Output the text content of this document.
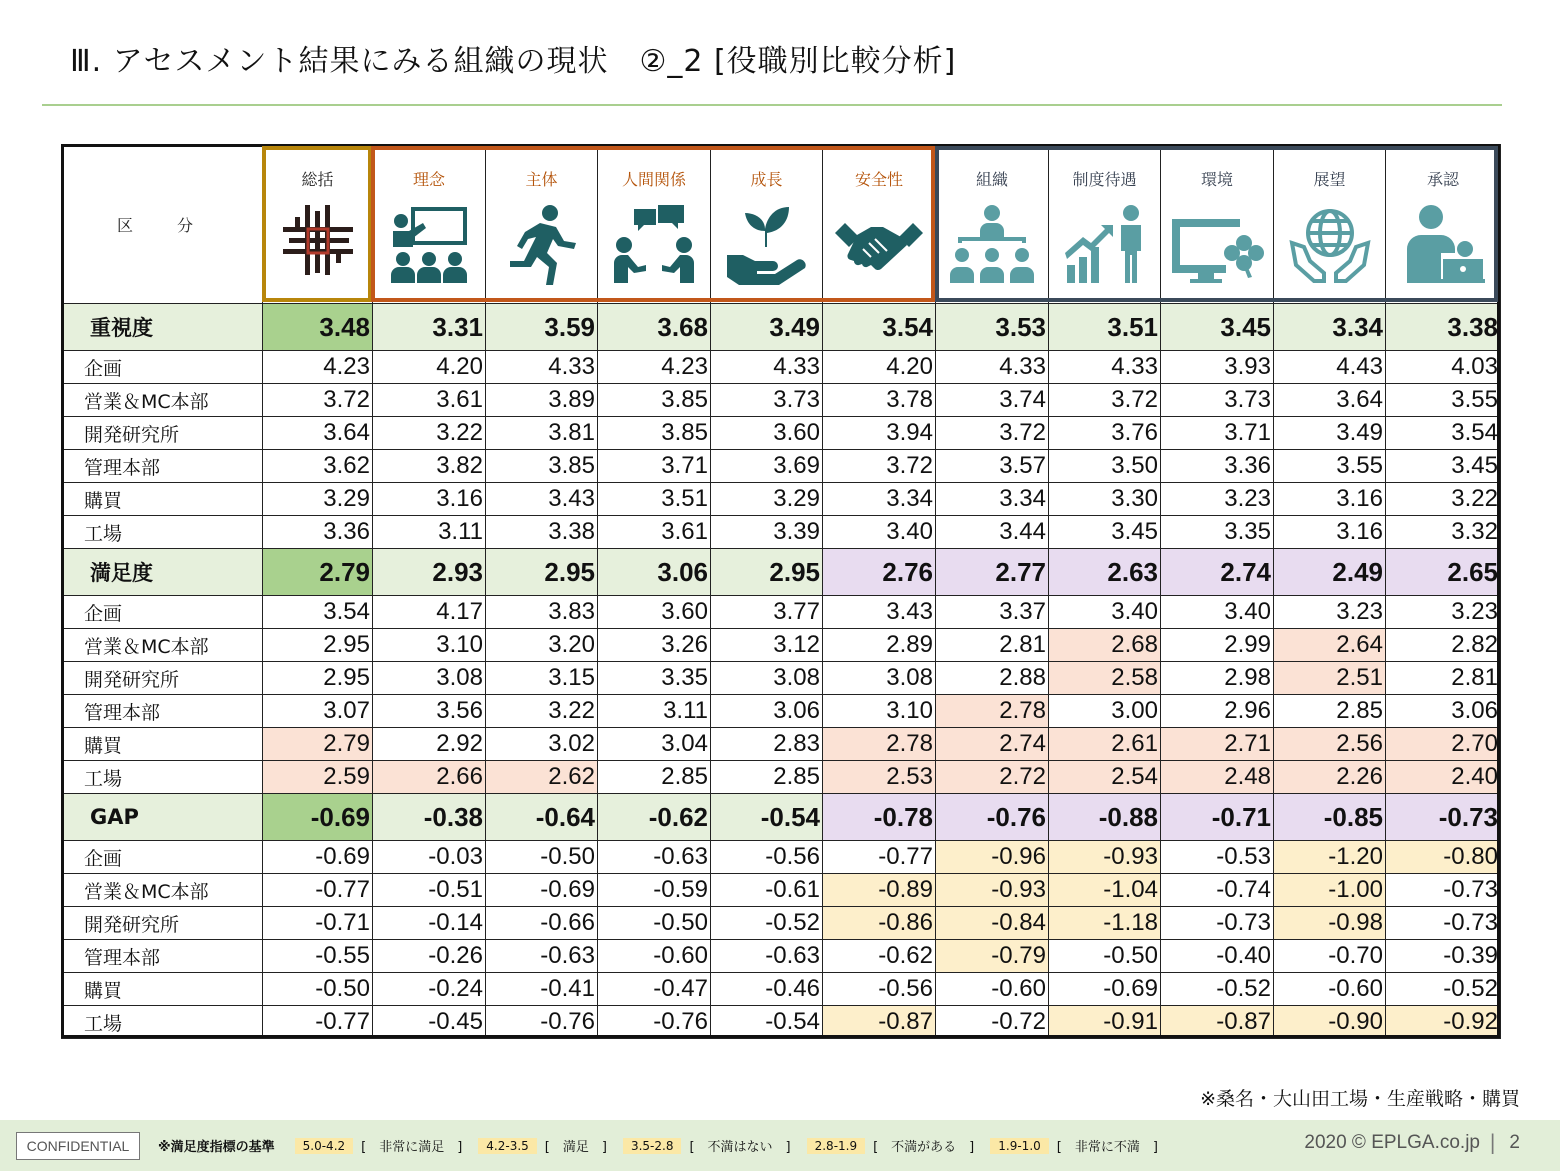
Ⅲ. アセスメント結果にみる組織の現状　②_2 [役職別比較分析]
区　分	総括	理念	主体	人間関係	成長	安全性	組織	制度待遇	環境	展望	承認

重視度	3.48	3.31	3.59	3.68	3.49	3.54	3.53	3.51	3.45	3.34	3.38
企画	4.23	4.20	4.33	4.23	4.33	4.20	4.33	4.33	3.93	4.43	4.03
営業＆MC本部	3.72	3.61	3.89	3.85	3.73	3.78	3.74	3.72	3.73	3.64	3.55
開発研究所	3.64	3.22	3.81	3.85	3.60	3.94	3.72	3.76	3.71	3.49	3.54
管理本部	3.62	3.82	3.85	3.71	3.69	3.72	3.57	3.50	3.36	3.55	3.45
購買	3.29	3.16	3.43	3.51	3.29	3.34	3.34	3.30	3.23	3.16	3.22
工場	3.36	3.11	3.38	3.61	3.39	3.40	3.44	3.45	3.35	3.16	3.32
満足度	2.79	2.93	2.95	3.06	2.95	2.76	2.77	2.63	2.74	2.49	2.65
企画	3.54	4.17	3.83	3.60	3.77	3.43	3.37	3.40	3.40	3.23	3.23
営業＆MC本部	2.95	3.10	3.20	3.26	3.12	2.89	2.81	2.68	2.99	2.64	2.82
開発研究所	2.95	3.08	3.15	3.35	3.08	3.08	2.88	2.58	2.98	2.51	2.81
管理本部	3.07	3.56	3.22	3.11	3.06	3.10	2.78	3.00	2.96	2.85	3.06
購買	2.79	2.92	3.02	3.04	2.83	2.78	2.74	2.61	2.71	2.56	2.70
工場	2.59	2.66	2.62	2.85	2.85	2.53	2.72	2.54	2.48	2.26	2.40
GAP	-0.69	-0.38	-0.64	-0.62	-0.54	-0.78	-0.76	-0.88	-0.71	-0.85	-0.73
企画	-0.69	-0.03	-0.50	-0.63	-0.56	-0.77	-0.96	-0.93	-0.53	-1.20	-0.80
営業＆MC本部	-0.77	-0.51	-0.69	-0.59	-0.61	-0.89	-0.93	-1.04	-0.74	-1.00	-0.73
開発研究所	-0.71	-0.14	-0.66	-0.50	-0.52	-0.86	-0.84	-1.18	-0.73	-0.98	-0.73
管理本部	-0.55	-0.26	-0.63	-0.60	-0.63	-0.62	-0.79	-0.50	-0.40	-0.70	-0.39
購買	-0.50	-0.24	-0.41	-0.47	-0.46	-0.56	-0.60	-0.69	-0.52	-0.60	-0.52
工場	-0.77	-0.45	-0.76	-0.76	-0.54	-0.87	-0.72	-0.91	-0.87	-0.90	-0.92
※桑名・大山田工場・生産戦略・購買
CONFIDENTIAL	※満足度指標の基準	5.0-4.2	[　非常に満足　]	4.2-3.5	[　満足　]	3.5-2.8	[　不満はない　]	2.8-1.9	[　不満がある　]	1.9-1.0	[　非常に不満　]	2020 © EPLGA.co.jp | 2
